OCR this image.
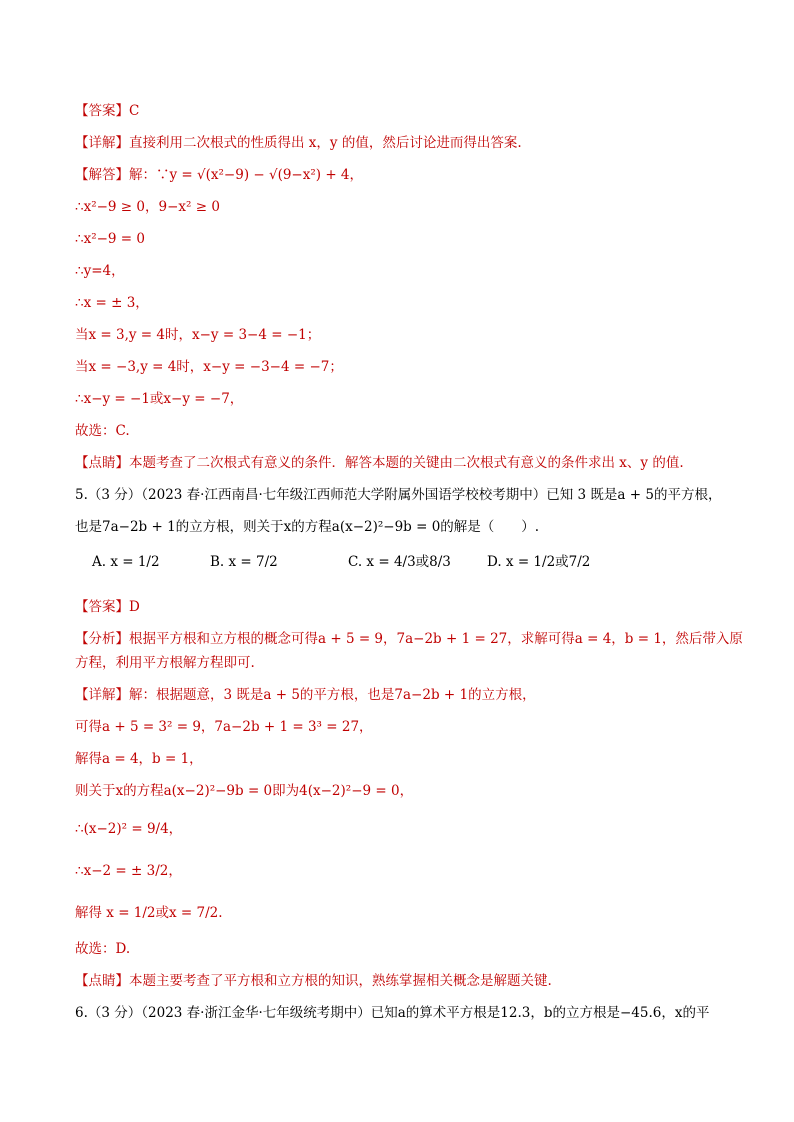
【答案】C
【详解】直接利用二次根式的性质得出 x，y 的值，然后讨论进而得出答案.
【解答】解：∵y = √(x²−9) − √(9−x²) + 4，
∴x²−9 ≥ 0，9−x² ≥ 0
∴x²−9 = 0
∴y=4，
∴x = ± 3，
当x = 3,y = 4时，x−y = 3−4 = −1；
当x = −3,y = 4时，x−y = −3−4 = −7；
∴x−y = −1或x−y = −7，
故选：C.
【点睛】本题考查了二次根式有意义的条件．解答本题的关键由二次根式有意义的条件求出 x、y 的值.
5.（3 分）（2023 春·江西南昌·七年级江西师范大学附属外国语学校校考期中）已知 3 既是a + 5的平方根，
也是7a−2b + 1的立方根，则关于x的方程a(x−2)²−9b = 0的解是（　　）.
A. x = 1/2	B. x = 7/2	C. x = 4/3或8/3	D. x = 1/2或7/2
【答案】D
【分析】根据平方根和立方根的概念可得a + 5 = 9，7a−2b + 1 = 27，求解可得a = 4，b = 1，然后带入原
方程，利用平方根解方程即可.
【详解】解：根据题意，3 既是a + 5的平方根，也是7a−2b + 1的立方根，
可得a + 5 = 3² = 9，7a−2b + 1 = 3³ = 27，
解得a = 4，b = 1，
则关于x的方程a(x−2)²−9b = 0即为4(x−2)²−9 = 0，
∴(x−2)² = 9/4，
∴x−2 = ± 3/2，
解得 x = 1/2或x = 7/2.
故选：D.
【点睛】本题主要考查了平方根和立方根的知识，熟练掌握相关概念是解题关键.
6.（3 分）（2023 春·浙江金华·七年级统考期中）已知a的算术平方根是12.3，b的立方根是−45.6，x的平
